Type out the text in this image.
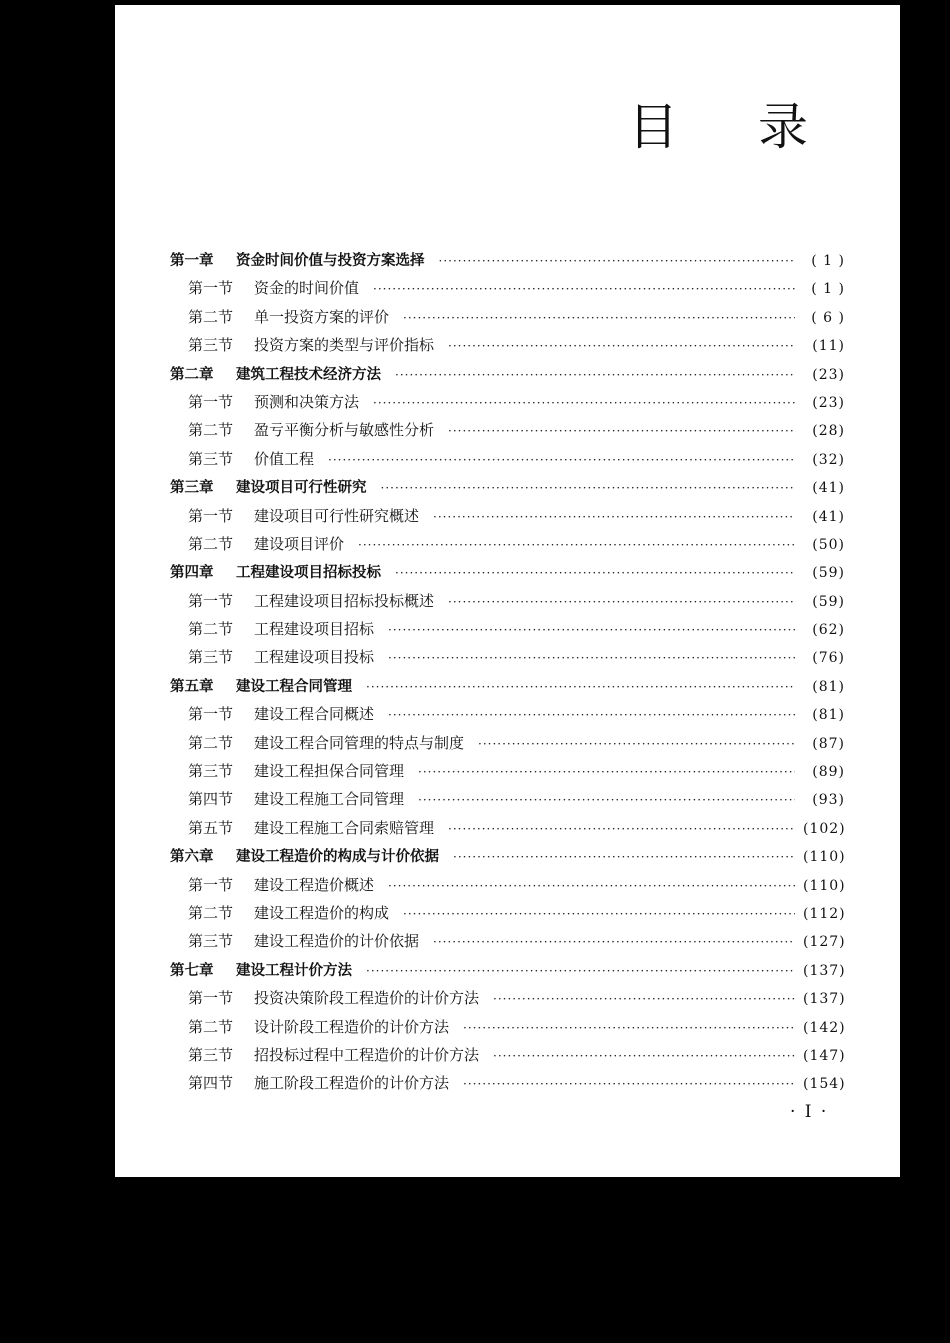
目 录
第一章	资金时间价值与投资方案选择 ·····	( 1 )
第一节	资金的时间价值 ·····	( 1 )
第二节	单一投资方案的评价 ·····	( 6 )
第三节	投资方案的类型与评价指标 ·····	(11)
第二章	建筑工程技术经济方法 ·····	(23)
第一节	预测和决策方法 ·····	(23)
第二节	盈亏平衡分析与敏感性分析 ·····	(28)
第三节	价值工程 ·····	(32)
第三章	建设项目可行性研究 ·····	(41)
第一节	建设项目可行性研究概述 ·····	(41)
第二节	建设项目评价 ·····	(50)
第四章	工程建设项目招标投标 ·····	(59)
第一节	工程建设项目招标投标概述 ·····	(59)
第二节	工程建设项目招标 ·····	(62)
第三节	工程建设项目投标 ·····	(76)
第五章	建设工程合同管理 ·····	(81)
第一节	建设工程合同概述 ·····	(81)
第二节	建设工程合同管理的特点与制度 ·····	(87)
第三节	建设工程担保合同管理 ·····	(89)
第四节	建设工程施工合同管理 ·····	(93)
第五节	建设工程施工合同索赔管理 ·····	(102)
第六章	建设工程造价的构成与计价依据 ·····	(110)
第一节	建设工程造价概述 ·····	(110)
第二节	建设工程造价的构成 ·····	(112)
第三节	建设工程造价的计价依据 ·····	(127)
第七章	建设工程计价方法 ·····	(137)
第一节	投资决策阶段工程造价的计价方法 ·····	(137)
第二节	设计阶段工程造价的计价方法 ·····	(142)
第三节	招投标过程中工程造价的计价方法 ·····	(147)
第四节	施工阶段工程造价的计价方法 ·····	(154)
· I ·
